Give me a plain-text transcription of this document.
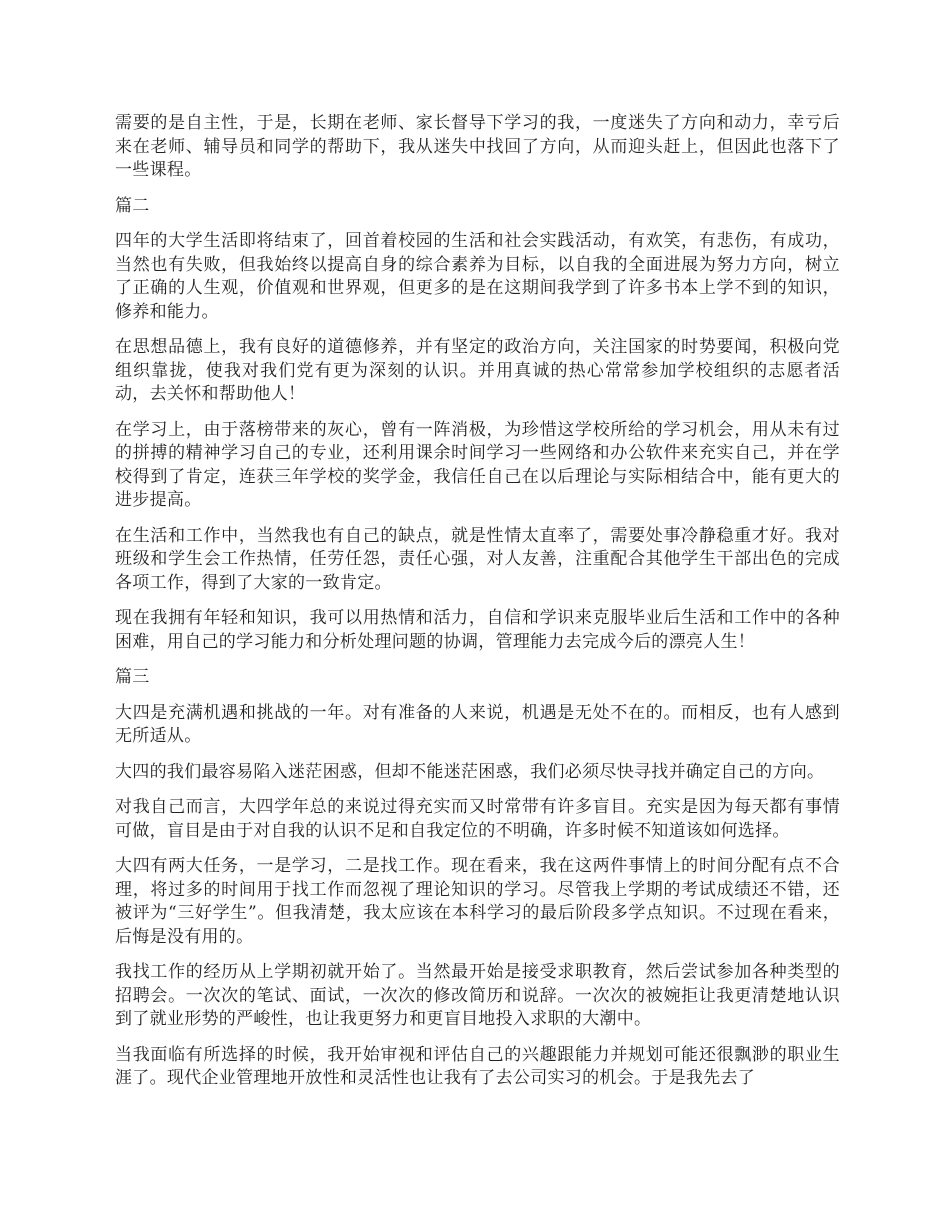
需要的是自主性，于是，长期在老师、家长督导下学习的我，一度迷失了方向和动力，幸亏后来在老师、辅导员和同学的帮助下，我从迷失中找回了方向，从而迎头赶上，但因此也落下了一些课程。

篇二

四年的大学生活即将结束了，回首着校园的生活和社会实践活动，有欢笑，有悲伤，有成功，当然也有失败，但我始终以提高自身的综合素养为目标，以自我的全面进展为努力方向，树立了正确的人生观，价值观和世界观，但更多的是在这期间我学到了许多书本上学不到的知识，修养和能力。

在思想品德上，我有良好的道德修养，并有坚定的政治方向，关注国家的时势要闻，积极向党组织靠拢，使我对我们党有更为深刻的认识。并用真诚的热心常常参加学校组织的志愿者活动，去关怀和帮助他人！

在学习上，由于落榜带来的灰心，曾有一阵消极，为珍惜这学校所给的学习机会，用从未有过的拼搏的精神学习自己的专业，还利用课余时间学习一些网络和办公软件来充实自己，并在学校得到了肯定，连获三年学校的奖学金，我信任自己在以后理论与实际相结合中，能有更大的进步提高。

在生活和工作中，当然我也有自己的缺点，就是性情太直率了，需要处事冷静稳重才好。我对班级和学生会工作热情，任劳任怨，责任心强，对人友善，注重配合其他学生干部出色的完成各项工作，得到了大家的一致肯定。

现在我拥有年轻和知识，我可以用热情和活力，自信和学识来克服毕业后生活和工作中的各种困难，用自己的学习能力和分析处理问题的协调，管理能力去完成今后的漂亮人生！

篇三

大四是充满机遇和挑战的一年。对有准备的人来说，机遇是无处不在的。而相反，也有人感到无所适从。

大四的我们最容易陷入迷茫困惑，但却不能迷茫困惑，我们必须尽快寻找并确定自己的方向。

对我自己而言，大四学年总的来说过得充实而又时常带有许多盲目。充实是因为每天都有事情可做，盲目是由于对自我的认识不足和自我定位的不明确，许多时候不知道该如何选择。

大四有两大任务，一是学习，二是找工作。现在看来，我在这两件事情上的时间分配有点不合理，将过多的时间用于找工作而忽视了理论知识的学习。尽管我上学期的考试成绩还不错，还被评为“三好学生”。但我清楚，我太应该在本科学习的最后阶段多学点知识。不过现在看来，后悔是没有用的。

我找工作的经历从上学期初就开始了。当然最开始是接受求职教育，然后尝试参加各种类型的招聘会。一次次的笔试、面试，一次次的修改简历和说辞。一次次的被婉拒让我更清楚地认识到了就业形势的严峻性，也让我更努力和更盲目地投入求职的大潮中。

当我面临有所选择的时候，我开始审视和评估自己的兴趣跟能力并规划可能还很飘渺的职业生涯了。现代企业管理地开放性和灵活性也让我有了去公司实习的机会。于是我先去了
